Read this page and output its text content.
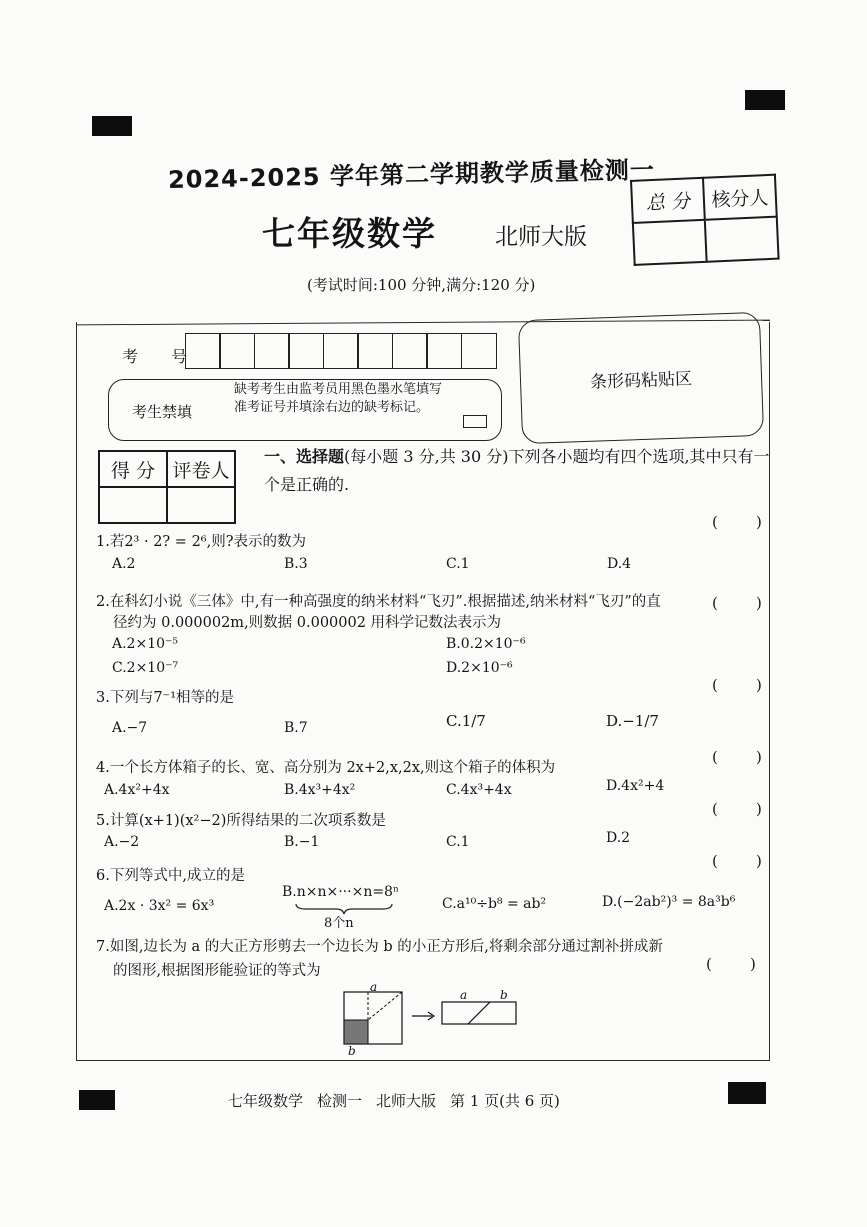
2024-2025 学年第二学期教学质量检测一
七年级数学	北师大版
(考试时间:100 分钟,满分:120 分)
总 分	核分人

考 号
条形码粘贴区
考生禁填
缺考考生由监考员用黑色墨水笔填写准考证号并填涂右边的缺考标记。
得 分	评卷人

一、选择题(每小题 3 分,共 30 分)下列各小题均有四个选项,其中只有一个是正确的.
1.若2³ · 2? = 2⁶,则?表示的数为
(        )
A.2	B.3	C.1	D.4
2.在科幻小说《三体》中,有一种高强度的纳米材料“飞刃”.根据描述,纳米材料“飞刃”的直
径约为 0.000002m,则数据 0.000002 用科学记数法表示为
(        )
A.2×10⁻⁵	B.0.2×10⁻⁶
C.2×10⁻⁷	D.2×10⁻⁶
3.下列与7⁻¹相等的是
(        )
A.−7	B.7	C.1/7	D.−1/7
4.一个长方体箱子的长、宽、高分别为 2x+2,x,2x,则这个箱子的体积为
(        )
A.4x²+4x	B.4x³+4x²	C.4x³+4x	D.4x²+4
5.计算(x+1)(x²−2)所得结果的二次项系数是
(        )
A.−2	B.−1	C.1	D.2
6.下列等式中,成立的是
(        )
A.2x · 3x² = 6x³
B.n×n×···×n=8ⁿ
8个n
C.a¹⁰÷b⁸ = ab²	D.(−2ab²)³ = 8a³b⁶
7.如图,边长为 a 的大正方形剪去一个边长为 b 的小正方形后,将剩余部分通过割补拼成新
的图形,根据图形能验证的等式为	(        )
a
b
a	b
七年级数学 检测一 北师大版 第 1 页(共 6 页)
